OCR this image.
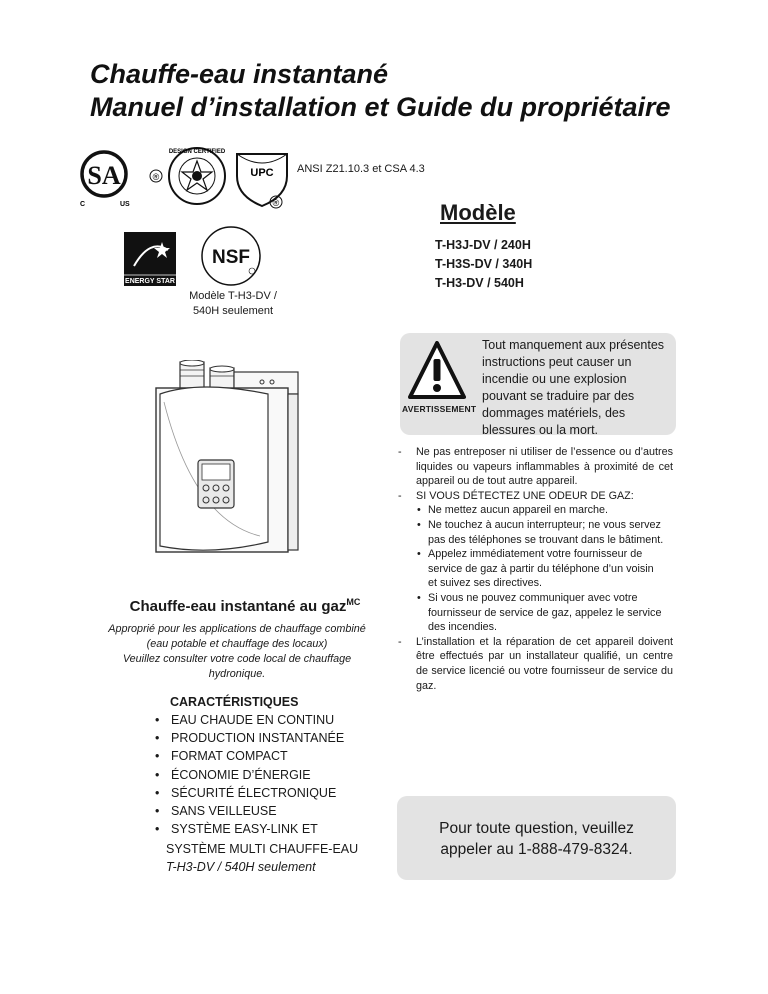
Chauffe-eau instantané
Manuel d’installation et Guide du propriétaire
SA
C	US
®
DESIGN CERTIFIED
UPC
®
ANSI Z21.10.3 et CSA 4.3
Modèle
T-H3J-DV / 240H
T-H3S-DV / 340H
T-H3-DV / 540H
ENERGY STAR
NSF
Modèle T-H3-DV / 540H seulement
AVERTISSEMENT
Tout manquement aux présentes instructions peut causer un incendie ou une explosion pouvant se traduire par des dommages matériels, des blessures ou la mort.
- Ne pas entreposer ni utiliser de l’essence ou d’autres liquides ou vapeurs inflammables à proximité de cet appareil ou de tout autre appareil.
- SI VOUS DÉTECTEZ UNE ODEUR DE GAZ:
• Ne mettez aucun appareil en marche.
• Ne touchez à aucun interrupteur; ne vous servez pas des téléphones se trouvant dans le bâtiment.
• Appelez immédiatement votre fournisseur de service de gaz à partir du téléphone d’un voisin et suivez ses directives.
• Si vous ne pouvez communiquer avec votre fournisseur de service de gaz, appelez le service des incendies.
- L’installation et la réparation de cet appareil doivent être effectués par un installateur qualifié, un centre de service licencié ou votre fournisseur de service du gaz.
Chauffe-eau instantané au gaz$^{MC}$
Approprié pour les applications de chauffage combiné
(eau potable et chauffage des locaux)
Veuillez consulter votre code local de chauffage
hydronique.
CARACTÉRISTIQUES
• EAU CHAUDE EN CONTINU
• PRODUCTION INSTANTANÉE
• FORMAT COMPACT
• ÉCONOMIE D’ÉNERGIE
• SÉCURITÉ ÉLECTRONIQUE
• SANS VEILLEUSE
• SYSTÈME EASY-LINK ET
SYSTÈME MULTI CHAUFFE-EAU
T-H3-DV / 540H seulement
Pour toute question, veuillez
appeler au 1-888-479-8324.
